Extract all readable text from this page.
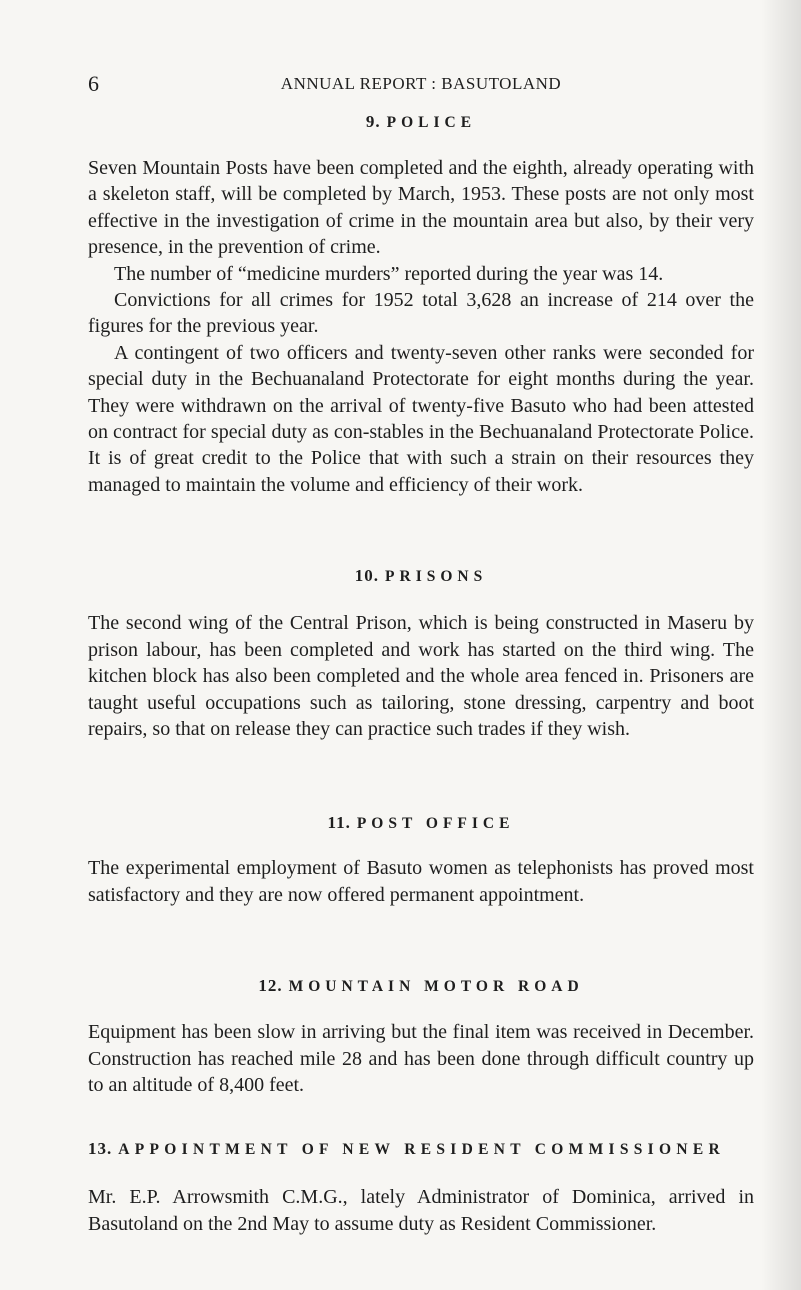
6	ANNUAL REPORT : BASUTOLAND
9. POLICE

Seven Mountain Posts have been completed and the eighth, already operating with a skeleton staff, will be completed by March, 1953. These posts are not only most effective in the investigation of crime in the mountain area but also, by their very presence, in the prevention of crime.

The number of “medicine murders” reported during the year was 14.

Convictions for all crimes for 1952 total 3,628 an increase of 214 over the figures for the previous year.

A contingent of two officers and twenty-seven other ranks were seconded for special duty in the Bechuanaland Protectorate for eight months during the year. They were withdrawn on the arrival of twenty-five Basuto who had been attested on contract for special duty as con-stables in the Bechuanaland Protectorate Police. It is of great credit to the Police that with such a strain on their resources they managed to maintain the volume and efficiency of their work.

10. PRISONS

The second wing of the Central Prison, which is being constructed in Maseru by prison labour, has been completed and work has started on the third wing. The kitchen block has also been completed and the whole area fenced in. Prisoners are taught useful occupations such as tailoring, stone dressing, carpentry and boot repairs, so that on release they can practice such trades if they wish.

11. POST OFFICE

The experimental employment of Basuto women as telephonists has proved most satisfactory and they are now offered permanent appointment.

12. MOUNTAIN MOTOR ROAD

Equipment has been slow in arriving but the final item was received in December. Construction has reached mile 28 and has been done through difficult country up to an altitude of 8,400 feet.

13. APPOINTMENT OF NEW RESIDENT COMMISSIONER

Mr. E.P. Arrowsmith C.M.G., lately Administrator of Dominica, arrived in Basutoland on the 2nd May to assume duty as Resident Commissioner.
